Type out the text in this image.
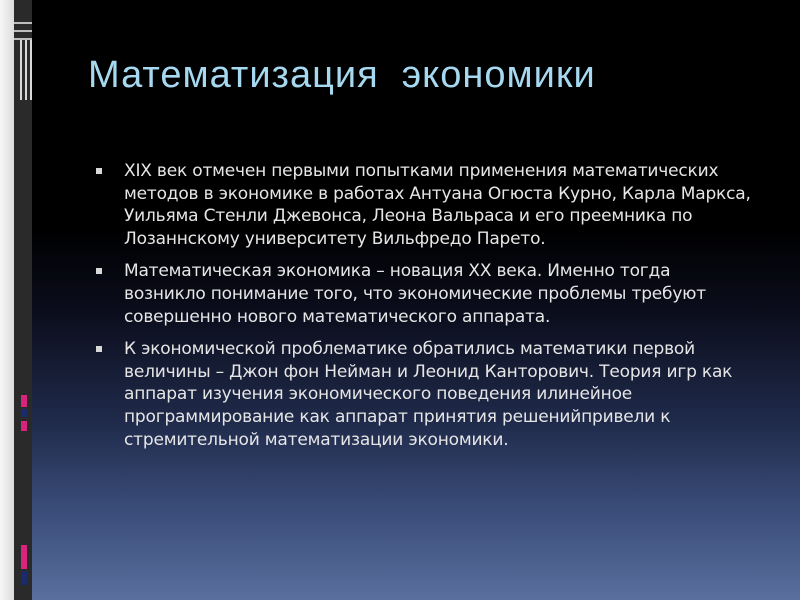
Математизация  экономики
XIX век отмечен первыми попытками применения математических методов в экономике в работах Антуана Огюста Курно, Карла Маркса, Уильяма Стенли Джевонса, Леона Вальраса и его преемника по Лозаннскому университету Вильфредо Парето.
Математическая экономика – новация XX века. Именно тогда возникло понимание того, что экономические проблемы требуют совершенно нового математического аппарата.
К экономической проблематике обратились математики первой величины – Джон фон Нейман и Леонид Канторович. Теория игр как аппарат изучения экономического поведения илинейное программирование как аппарат принятия решенийпривели к стремительной математизации экономики.
